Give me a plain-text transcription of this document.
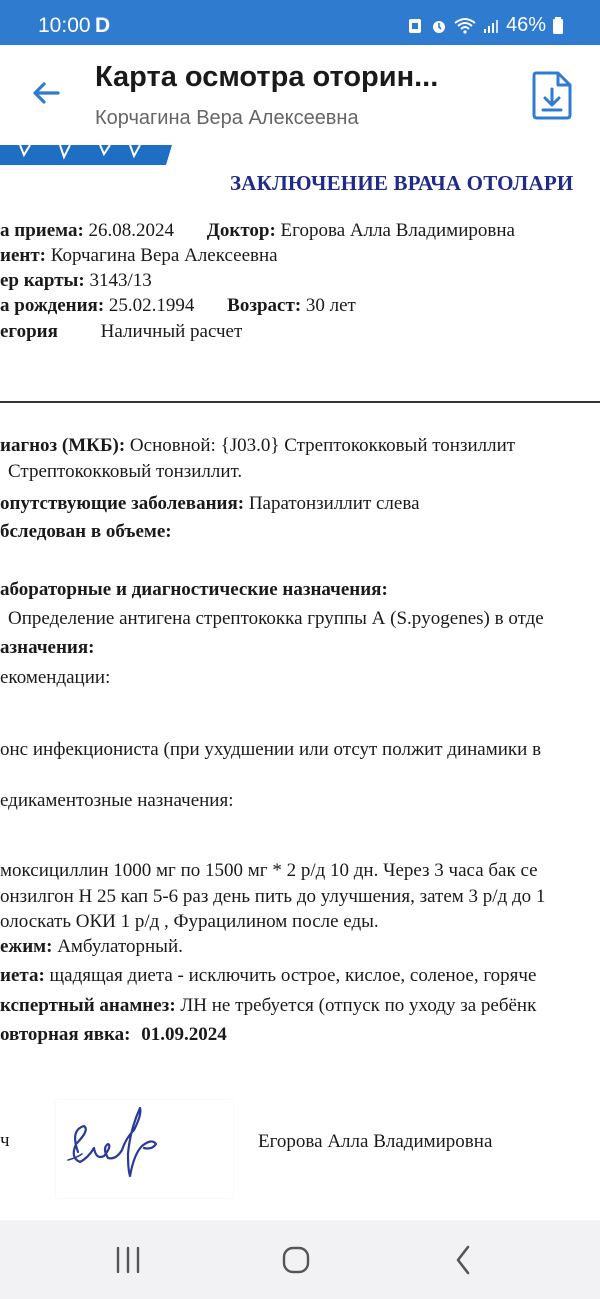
10:00 D	46%
Карта осмотра оторин...
Корчагина Вера Алексеевна
ЗАКЛЮЧЕНИЕ ВРАЧА ОТОЛАРИ
а приема: 26.08.2024 Доктор: Егорова Алла Владимировна
иент: Корчагина Вера Алексеевна
ер карты: 3143/13
а рождения: 25.02.1994 Возраст: 30 лет
егория Наличный расчет
иагноз (МКБ): Основной: {J03.0} Стрептококковый тонзиллит
Стрептококковый тонзиллит.
опутствующие заболевания: Паратонзиллит слева
бследован в объеме:
абораторные и диагностические назначения:
Определение антигена стрептококка группы А (S.pyogenes) в отде
азначения:
екомендации:
онс инфекциониста (при ухудшении или отсут полжит динамики в
едикаментозные назначения:
моксициллин 1000 мг по 1500 мг * 2 р/д 10 дн. Через 3 часа бак се
онзилгон Н 25 кап 5-6 раз день пить до улучшения, затем 3 р/д до 1
олоскать ОКИ 1 р/д , Фурацилином после еды.
ежим: Амбулаторный.
иета: щадящая диета - исключить острое, кислое, соленое, горяче
кспертный анамнез: ЛН не требуется (отпуск по уходу за ребёнк
овторная явка: 01.09.2024
ч	Егорова Алла Владимировна
